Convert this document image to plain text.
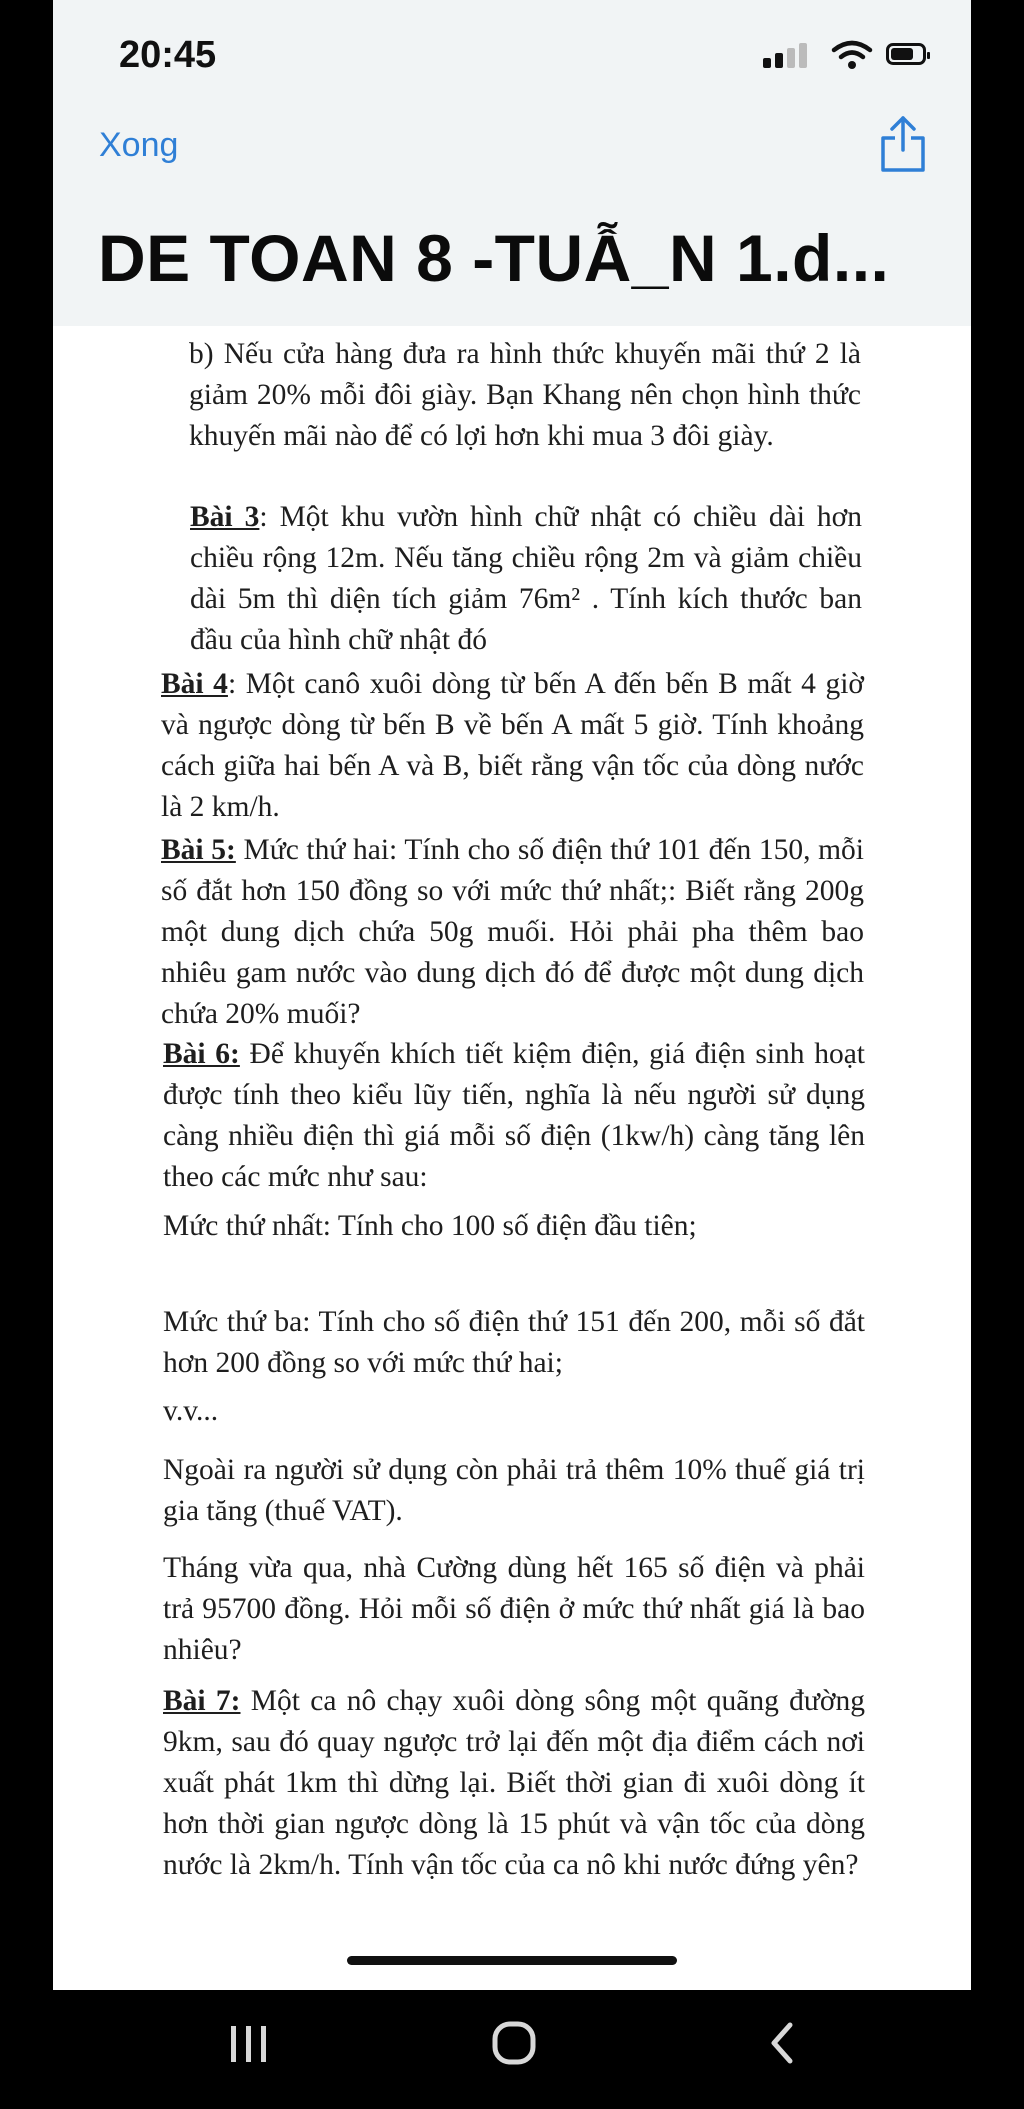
20:45
Xong
DE TOAN 8 -TUẪ_N 1.d...

b) Nếu cửa hàng đưa ra hình thức khuyến mãi thứ 2 là giảm 20% mỗi đôi giày. Bạn Khang nên chọn hình thức khuyến mãi nào để có lợi hơn khi mua 3 đôi giày.

Bài 3: Một khu vườn hình chữ nhật có chiều dài hơn chiều rộng 12m. Nếu tăng chiều rộng 2m và giảm chiều dài 5m thì diện tích giảm 76m² . Tính kích thước ban đầu của hình chữ nhật đó

Bài 4: Một canô xuôi dòng từ bến A đến bến B mất 4 giờ và ngược dòng từ bến B về bến A mất 5 giờ. Tính khoảng cách giữa hai bến A và B, biết rằng vận tốc của dòng nước là 2 km/h.

Bài 5: Mức thứ hai: Tính cho số điện thứ 101 đến 150, mỗi số đắt hơn 150 đồng so với mức thứ nhất;: Biết rằng 200g một dung dịch chứa 50g muối. Hỏi phải pha thêm bao nhiêu gam nước vào dung dịch đó để được một dung dịch chứa 20% muối?

Bài 6: Để khuyến khích tiết kiệm điện, giá điện sinh hoạt được tính theo kiểu lũy tiến, nghĩa là nếu người sử dụng càng nhiều điện thì giá mỗi số điện (1kw/h) càng tăng lên theo các mức như sau:

Mức thứ nhất: Tính cho 100 số điện đầu tiên;

Mức thứ ba: Tính cho số điện thứ 151 đến 200, mỗi số đắt hơn 200 đồng so với mức thứ hai;

v.v...

Ngoài ra người sử dụng còn phải trả thêm 10% thuế giá trị gia tăng (thuế VAT).

Tháng vừa qua, nhà Cường dùng hết 165 số điện và phải trả 95700 đồng. Hỏi mỗi số điện ở mức thứ nhất giá là bao nhiêu?

Bài 7: Một ca nô chạy xuôi dòng sông một quãng đường 9km, sau đó quay ngược trở lại đến một địa điểm cách nơi xuất phát 1km thì dừng lại. Biết thời gian đi xuôi dòng ít hơn thời gian ngược dòng là 15 phút và vận tốc của dòng nước là 2km/h. Tính vận tốc của ca nô khi nước đứng yên?
